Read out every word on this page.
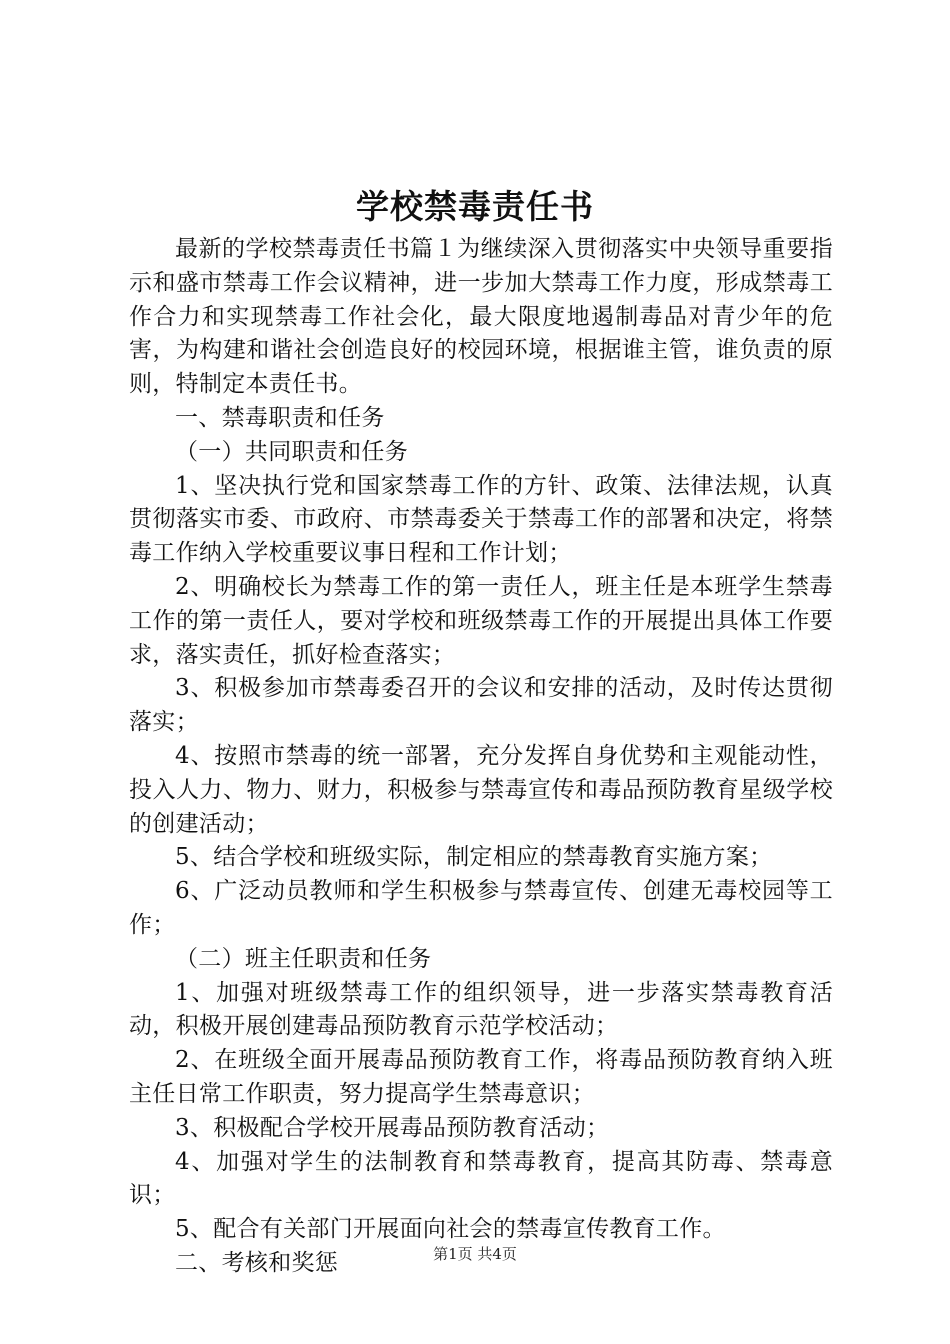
学校禁毒责任书

最新的学校禁毒责任书篇１为继续深入贯彻落实中央领导重要指示和盛市禁毒工作会议精神，进一步加大禁毒工作力度，形成禁毒工作合力和实现禁毒工作社会化，最大限度地遏制毒品对青少年的危害，为构建和谐社会创造良好的校园环境，根据谁主管，谁负责的原则，特制定本责任书。

一、禁毒职责和任务

（一）共同职责和任务

1、坚决执行党和国家禁毒工作的方针、政策、法律法规，认真贯彻落实市委、市政府、市禁毒委关于禁毒工作的部署和决定，将禁毒工作纳入学校重要议事日程和工作计划；

2、明确校长为禁毒工作的第一责任人，班主任是本班学生禁毒工作的第一责任人，要对学校和班级禁毒工作的开展提出具体工作要求，落实责任，抓好检查落实；

3、积极参加市禁毒委召开的会议和安排的活动，及时传达贯彻落实；

4、按照市禁毒的统一部署，充分发挥自身优势和主观能动性，投入人力、物力、财力，积极参与禁毒宣传和毒品预防教育星级学校的创建活动；

5、结合学校和班级实际，制定相应的禁毒教育实施方案；

6、广泛动员教师和学生积极参与禁毒宣传、创建无毒校园等工作；

（二）班主任职责和任务

1、加强对班级禁毒工作的组织领导，进一步落实禁毒教育活动，积极开展创建毒品预防教育示范学校活动；

2、在班级全面开展毒品预防教育工作，将毒品预防教育纳入班主任日常工作职责，努力提高学生禁毒意识；

3、积极配合学校开展毒品预防教育活动；

4、加强对学生的法制教育和禁毒教育，提高其防毒、禁毒意识；

5、配合有关部门开展面向社会的禁毒宣传教育工作。

二、考核和奖惩	第1页 共4页
